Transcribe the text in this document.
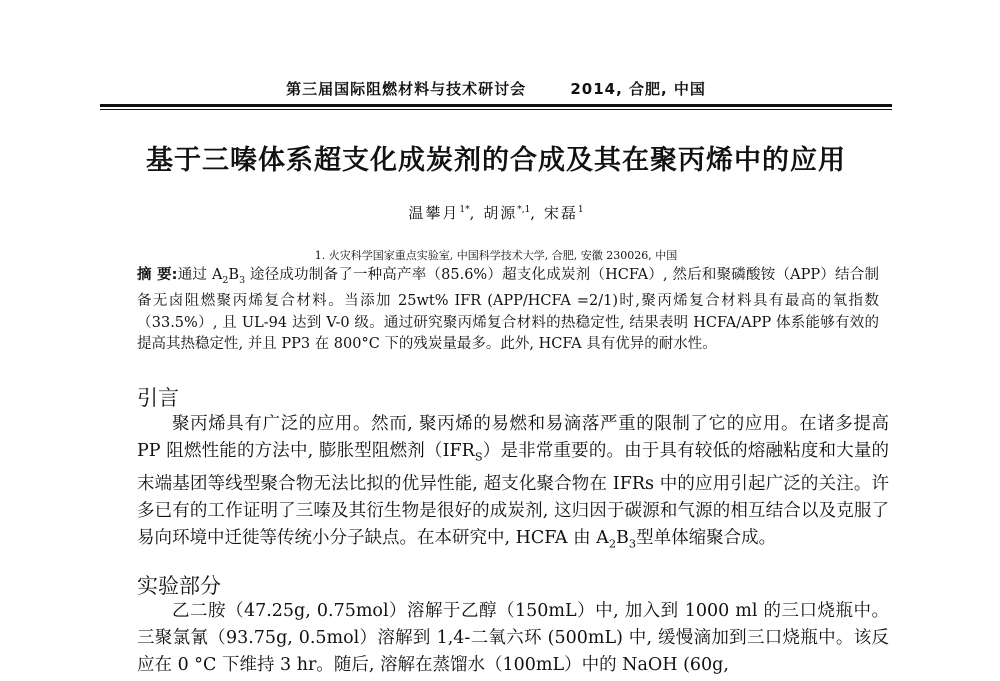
第三届国际阻燃材料与技术研讨会	2014, 合肥, 中国
基于三嗪体系超支化成炭剂的合成及其在聚丙烯中的应用
温攀月$^{1*}$, 胡源$^{*,1}$, 宋磊$^1$
1. 火灾科学国家重点实验室, 中国科学技术大学, 合肥, 安徽 230026, 中国
摘 要:通过 $A_2B_3$ 途径成功制备了一种高产率（85.6%）超支化成炭剂（HCFA）, 然后和聚磷酸铵（APP）结合制备无卤阻燃聚丙烯复合材料。当添加 25wt% IFR (APP/HCFA =2/1)时,聚丙烯复合材料具有最高的氧指数（33.5%）, 且 UL-94 达到 V-0 级。通过研究聚丙烯复合材料的热稳定性, 结果表明 HCFA/APP 体系能够有效的提高其热稳定性, 并且 PP3 在 800°C 下的残炭量最多。此外, HCFA 具有优异的耐水性。
引言
聚丙烯具有广泛的应用。然而, 聚丙烯的易燃和易滴落严重的限制了它的应用。在诸多提高 PP 阻燃性能的方法中, 膨胀型阻燃剂$(IFR_S)$是非常重要的。由于具有较低的熔融粘度和大量的末端基团等线型聚合物无法比拟的优异性能, 超支化聚合物在 IFRs 中的应用引起广泛的关注。许多已有的工作证明了三嗪及其衍生物是很好的成炭剂, 这归因于碳源和气源的相互结合以及克服了易向环境中迁徙等传统小分子缺点。在本研究中, HCFA 由 $A_2B_3$型单体缩聚合成。
实验部分
乙二胺（47.25g, 0.75mol）溶解于乙醇（150mL）中, 加入到 1000 ml 的三口烧瓶中。三聚氯氰（93.75g, 0.5mol）溶解到 1,4-二氧六环 (500mL) 中, 缓慢滴加到三口烧瓶中。该反应在 0 °C 下维持 3 hr。随后, 溶解在蒸馏水（100mL）中的 NaOH (60g,
